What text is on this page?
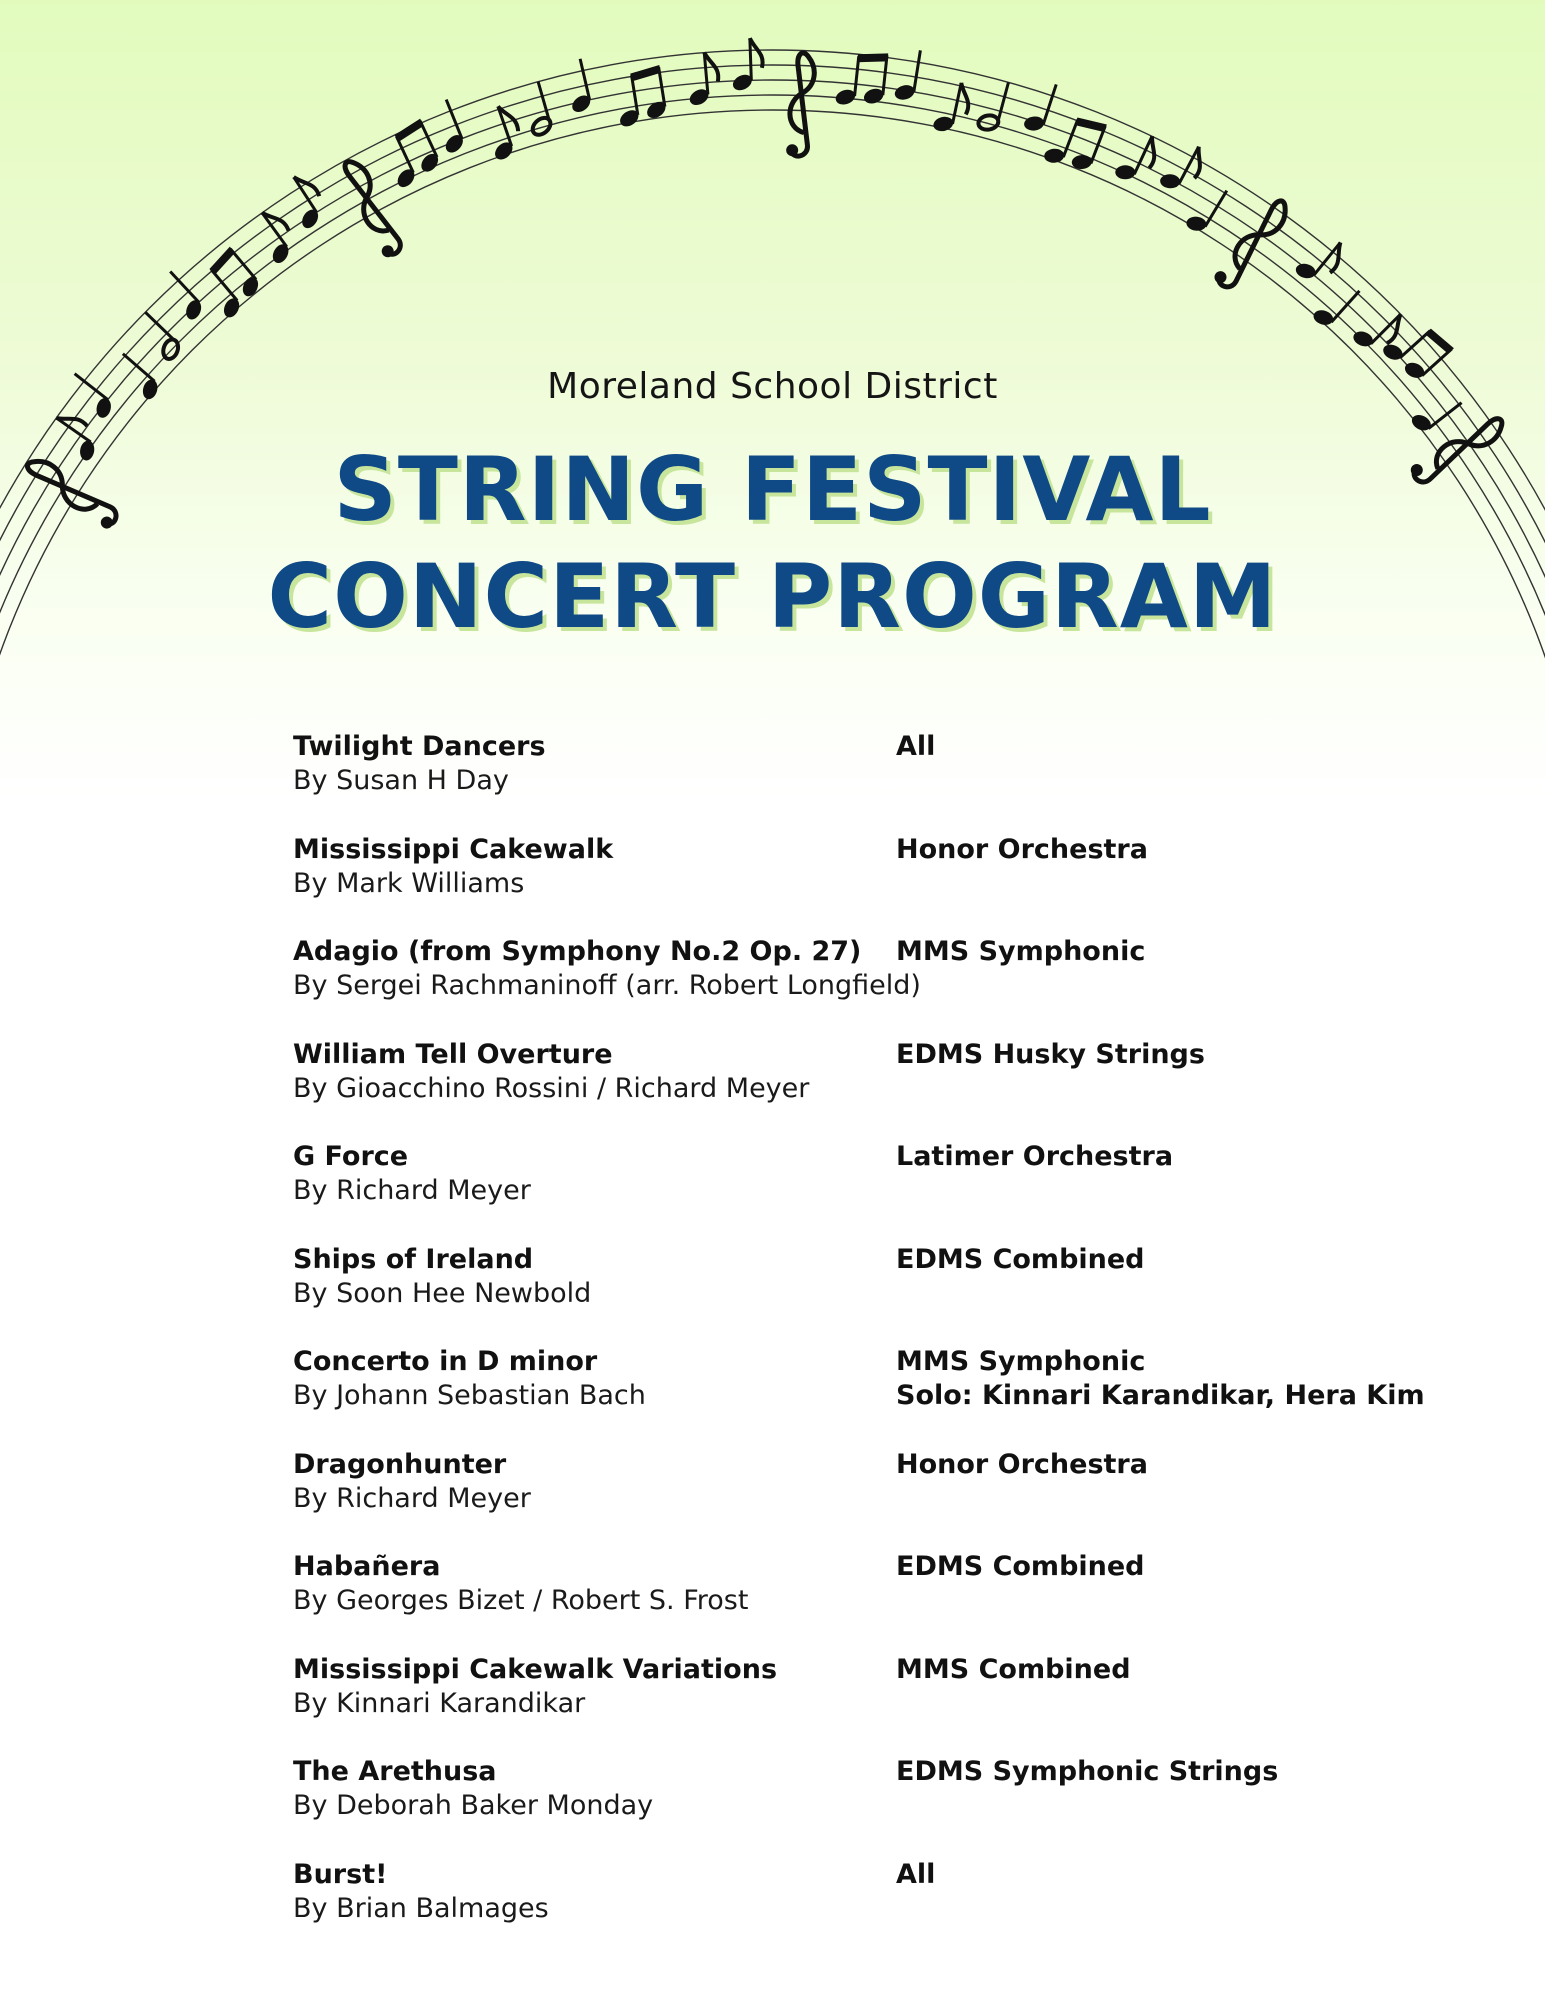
Moreland School District
STRING FESTIVAL
CONCERT PROGRAM
Twilight Dancers
By Susan H Day
All
Mississippi Cakewalk
By Mark Williams
Honor Orchestra
Adagio (from Symphony No.2 Op. 27)
By Sergei Rachmaninoff (arr. Robert Longfield)
MMS Symphonic
William Tell Overture
By Gioacchino Rossini / Richard Meyer
EDMS Husky Strings
G Force
By Richard Meyer
Latimer Orchestra
Ships of Ireland
By Soon Hee Newbold
EDMS Combined
Concerto in D minor
By Johann Sebastian Bach
MMS Symphonic
Solo: Kinnari Karandikar, Hera Kim
Dragonhunter
By Richard Meyer
Honor Orchestra
Habañera
By Georges Bizet / Robert S. Frost
EDMS Combined
Mississippi Cakewalk Variations
By Kinnari Karandikar
MMS Combined
The Arethusa
By Deborah Baker Monday
EDMS Symphonic Strings
Burst!
By Brian Balmages
All
